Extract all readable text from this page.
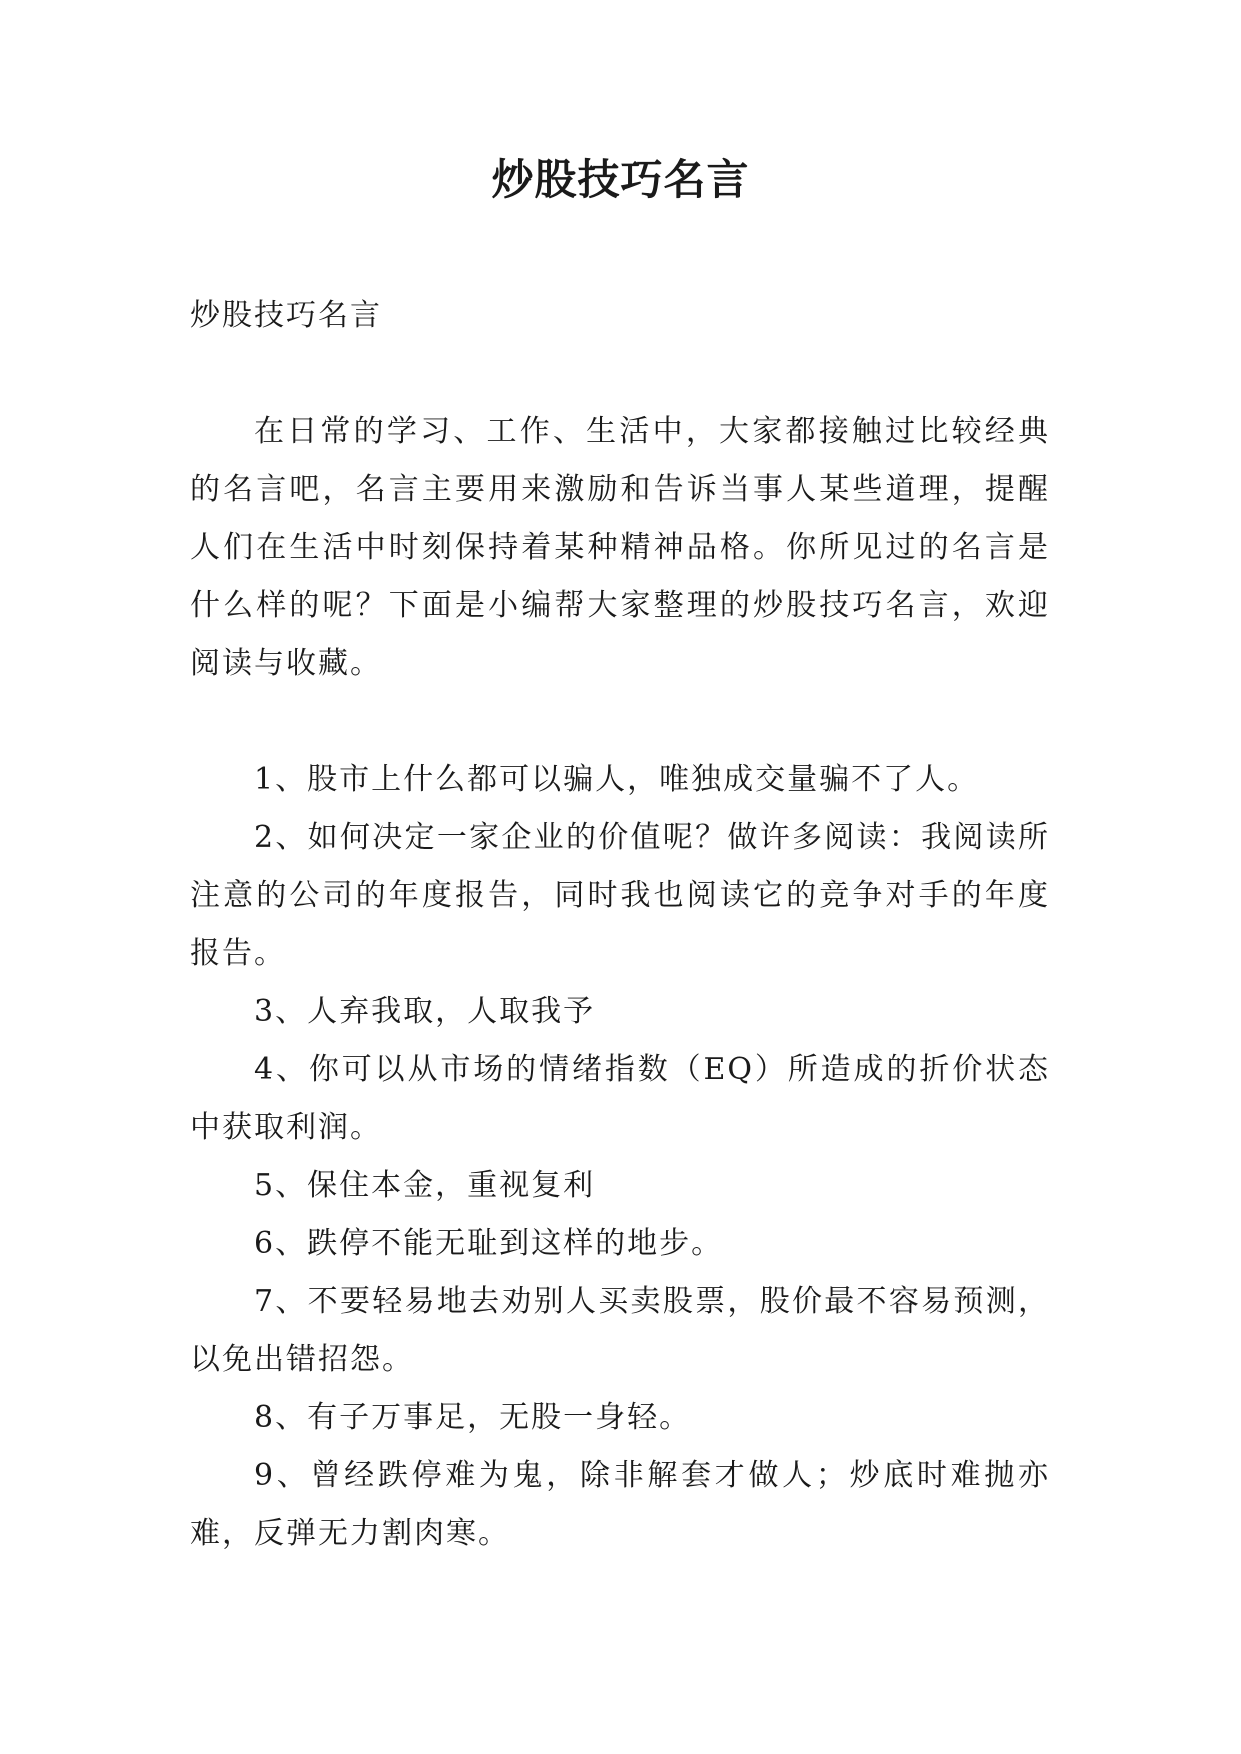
炒股技巧名言

炒股技巧名言

在日常的学习、工作、生活中，大家都接触过比较经典的名言吧，名言主要用来激励和告诉当事人某些道理，提醒人们在生活中时刻保持着某种精神品格。你所见过的名言是什么样的呢？下面是小编帮大家整理的炒股技巧名言，欢迎阅读与收藏。

1、股市上什么都可以骗人，唯独成交量骗不了人。
2、如何决定一家企业的价值呢？做许多阅读：我阅读所注意的公司的年度报告，同时我也阅读它的竞争对手的年度报告。
3、人弃我取，人取我予
4、你可以从市场的情绪指数（EQ）所造成的折价状态中获取利润。
5、保住本金，重视复利
6、跌停不能无耻到这样的地步。
7、不要轻易地去劝别人买卖股票，股价最不容易预测，以免出错招怨。
8、有子万事足，无股一身轻。
9、曾经跌停难为鬼，除非解套才做人；炒底时难抛亦难，反弹无力割肉寒。
